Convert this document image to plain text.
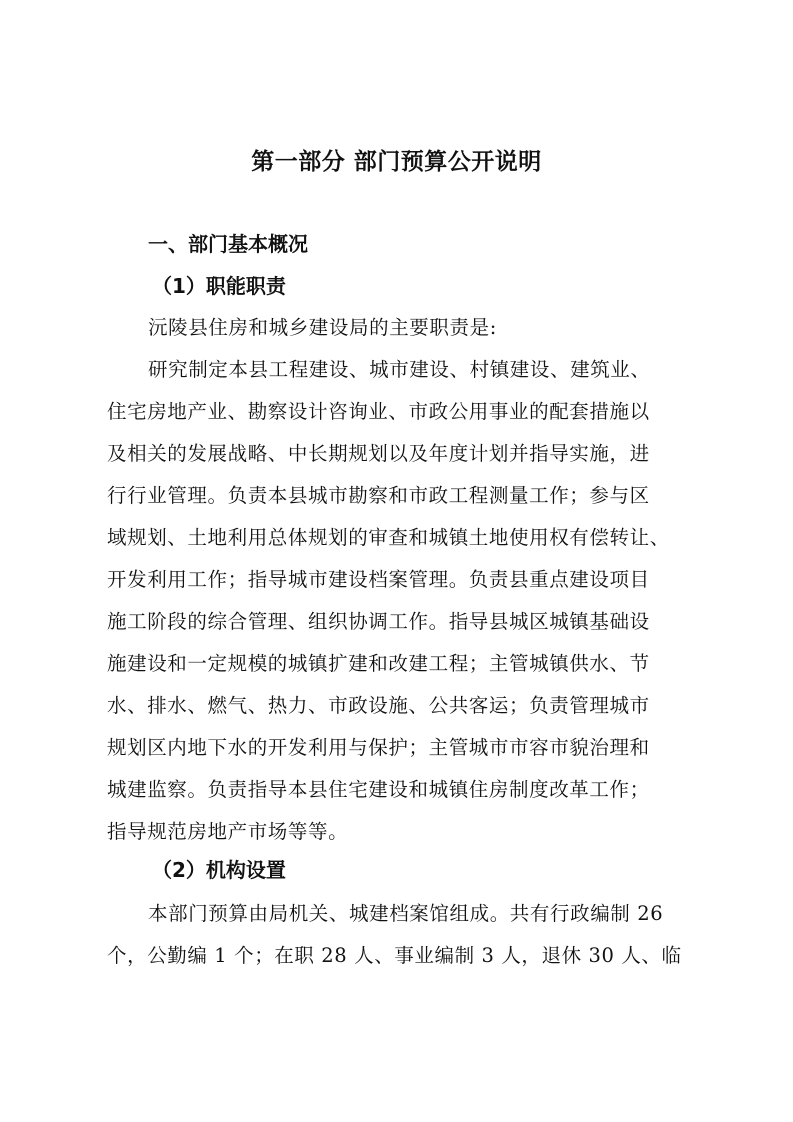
第一部分 部门预算公开说明
一、部门基本概况
（1）职能职责
沅陵县住房和城乡建设局的主要职责是:
研究制定本县工程建设、城市建设、村镇建设、建筑业、
住宅房地产业、勘察设计咨询业、市政公用事业的配套措施以
及相关的发展战略、中长期规划以及年度计划并指导实施，进
行行业管理。负责本县城市勘察和市政工程测量工作；参与区
域规划、土地利用总体规划的审查和城镇土地使用权有偿转让、
开发利用工作；指导城市建设档案管理。负责县重点建设项目
施工阶段的综合管理、组织协调工作。指导县城区城镇基础设
施建设和一定规模的城镇扩建和改建工程；主管城镇供水、节
水、排水、燃气、热力、市政设施、公共客运；负责管理城市
规划区内地下水的开发利用与保护；主管城市市容市貌治理和
城建监察。负责指导本县住宅建设和城镇住房制度改革工作；
指导规范房地产市场等等。
（2）机构设置
本部门预算由局机关、城建档案馆组成。共有行政编制 26
个，公勤编 1 个；在职 28 人、事业编制 3 人，退休 30 人、临
